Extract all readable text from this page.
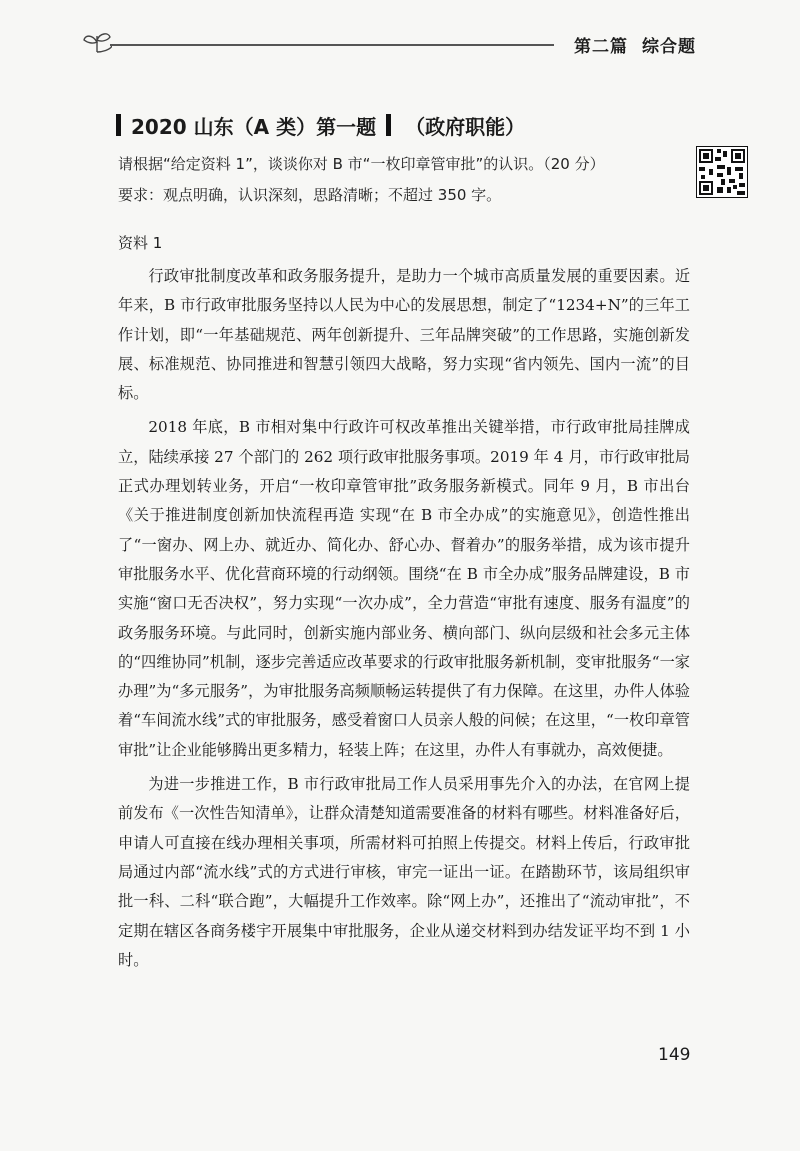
第二篇 综合题
2020 山东（A 类）第一题 （政府职能）
请根据“给定资料 1”，谈谈你对 B 市“一枚印章管审批”的认识。（20 分）
要求：观点明确，认识深刻，思路清晰；不超过 350 字。
资料 1

行政审批制度改革和政务服务提升，是助力一个城市高质量发展的重要因素。近年来，B 市行政审批服务坚持以人民为中心的发展思想，制定了“1234+N”的三年工作计划，即“一年基础规范、两年创新提升、三年品牌突破”的工作思路，实施创新发展、标准规范、协同推进和智慧引领四大战略，努力实现“省内领先、国内一流”的目标。

2018 年底，B 市相对集中行政许可权改革推出关键举措，市行政审批局挂牌成立，陆续承接 27 个部门的 262 项行政审批服务事项。2019 年 4 月，市行政审批局正式办理划转业务，开启“一枚印章管审批”政务服务新模式。同年 9 月，B 市出台《关于推进制度创新加快流程再造 实现“在 B 市全办成”的实施意见》，创造性推出了“一窗办、网上办、就近办、简化办、舒心办、督着办”的服务举措，成为该市提升审批服务水平、优化营商环境的行动纲领。围绕“在 B 市全办成”服务品牌建设，B 市实施“窗口无否决权”，努力实现“一次办成”，全力营造“审批有速度、服务有温度”的政务服务环境。与此同时，创新实施内部业务、横向部门、纵向层级和社会多元主体的“四维协同”机制，逐步完善适应改革要求的行政审批服务新机制，变审批服务“一家办理”为“多元服务”，为审批服务高频顺畅运转提供了有力保障。在这里，办件人体验着“车间流水线”式的审批服务，感受着窗口人员亲人般的问候；在这里，“一枚印章管审批”让企业能够腾出更多精力，轻装上阵；在这里，办件人有事就办，高效便捷。

为进一步推进工作，B 市行政审批局工作人员采用事先介入的办法，在官网上提前发布《一次性告知清单》，让群众清楚知道需要准备的材料有哪些。材料准备好后，申请人可直接在线办理相关事项，所需材料可拍照上传提交。材料上传后，行政审批局通过内部“流水线”式的方式进行审核，审完一证出一证。在踏勘环节，该局组织审批一科、二科“联合跑”，大幅提升工作效率。除“网上办”，还推出了“流动审批”，不定期在辖区各商务楼宇开展集中审批服务，企业从递交材料到办结发证平均不到 1 小时。

149
